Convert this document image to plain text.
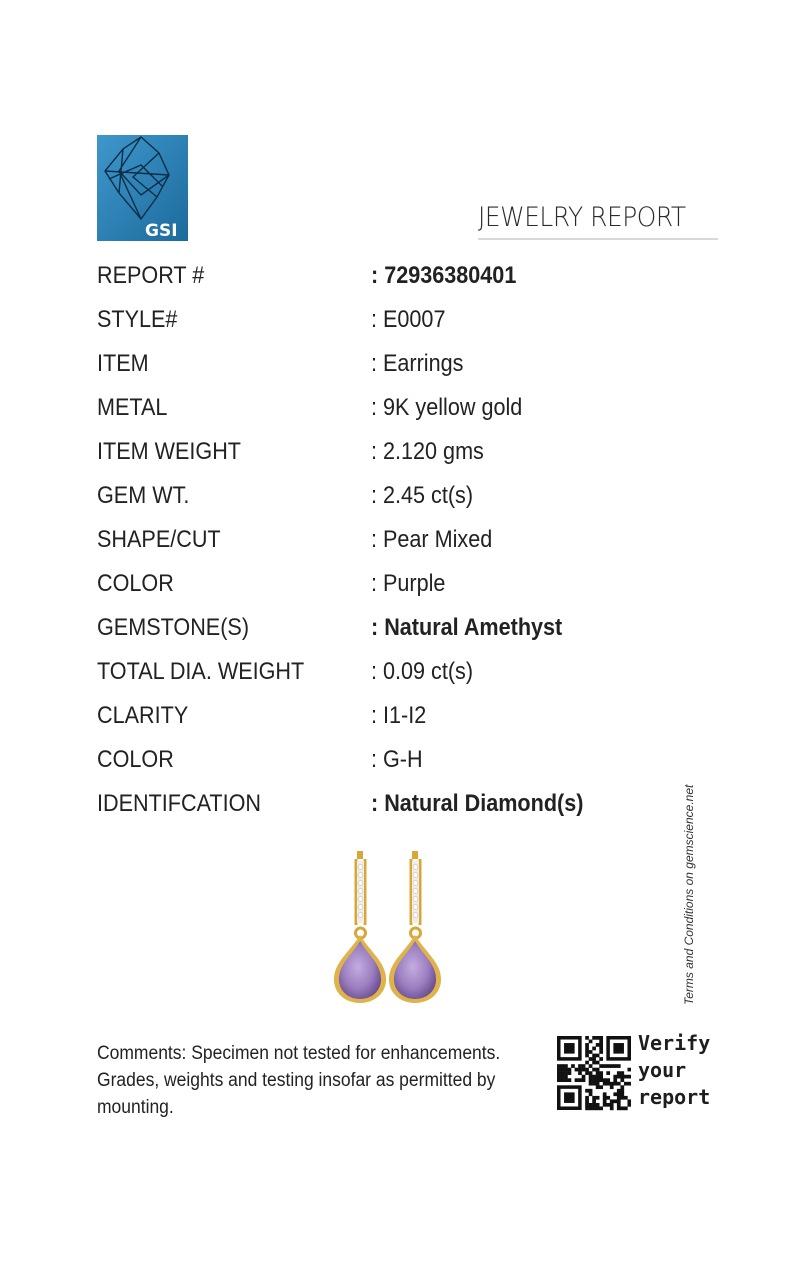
GSI	JEWELRY REPORT
REPORT #	: 72936380401
STYLE#	: E0007
ITEM	: Earrings
METAL	: 9K yellow gold
ITEM WEIGHT	: 2.120 gms
GEM WT.	: 2.45 ct(s)
SHAPE/CUT	: Pear Mixed
COLOR	: Purple
GEMSTONE(S)	: Natural Amethyst
TOTAL DIA. WEIGHT	: 0.09 ct(s)
CLARITY	: I1-I2
COLOR	: G-H
IDENTIFCATION	: Natural Diamond(s)	Terms and Conditions on gemscience.net
Comments: Specimen not tested for enhancements.
Grades, weights and testing insofar as permitted by
mounting.
Verify
your
report
